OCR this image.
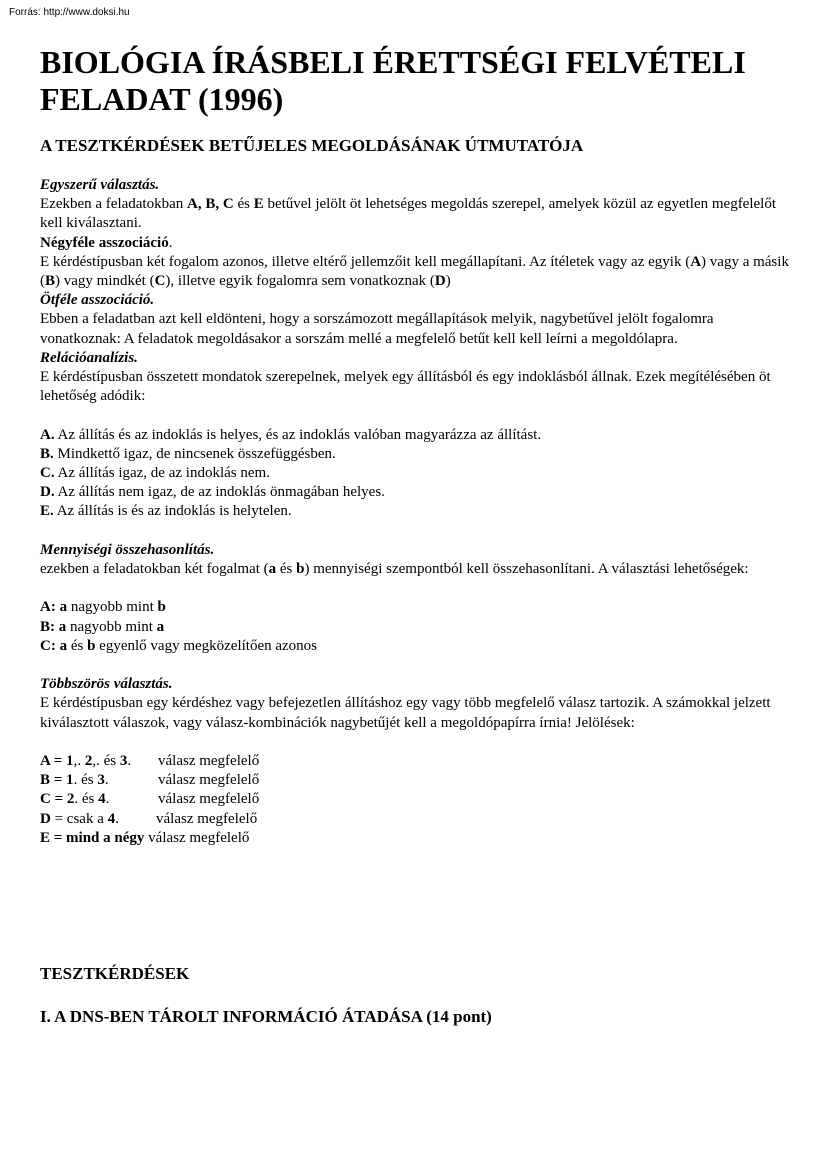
Forrás: http://www.doksi.hu
BIOLÓGIA ÍRÁSBELI ÉRETTSÉGI FELVÉTELI
FELADAT (1996)
A TESZTKÉRDÉSEK BETŰJELES MEGOLDÁSÁNAK ÚTMUTATÓJA
Egyszerű választás.
Ezekben a feladatokban A, B, C és E betűvel jelölt öt lehetséges megoldás szerepel, amelyek közül az egyetlen megfelelőt kell kiválasztani.
Négyféle asszociáció.
E kérdéstípusban két fogalom azonos, illetve eltérő jellemzőit kell megállapítani. Az ítéletek vagy az egyik (A) vagy a másik (B) vagy mindkét (C), illetve egyik fogalomra sem vonatkoznak (D)
Ötféle asszociáció.
Ebben a feladatban azt kell eldönteni, hogy a sorszámozott megállapítások melyik, nagybetűvel jelölt fogalomra vonatkoznak: A feladatok megoldásakor a sorszám mellé a megfelelő betűt kell kell leírni a megoldólapra.
Relációanalízis.
E kérdéstípusban összetett mondatok szerepelnek, melyek egy állításból és egy indoklásból állnak. Ezek megítélésében öt lehetőség adódik:
A. Az állítás és az indoklás is helyes, és az indoklás valóban magyarázza az állítást.
B. Mindkettő igaz, de nincsenek összefüggésben.
C. Az állítás igaz, de az indoklás nem.
D. Az állítás nem igaz, de az indoklás önmagában helyes.
E. Az állítás is és az indoklás is helytelen.
Mennyiségi összehasonlítás.
ezekben a feladatokban két fogalmat (a és b) mennyiségi szempontból kell összehasonlítani. A választási lehetőségek:
A: a nagyobb mint b
B: a nagyobb mint a
C: a és b egyenlő vagy megközelítően azonos
Többszörös választás.
E kérdéstípusban egy kérdéshez vagy befejezetlen állításhoz egy vagy több megfelelő válasz tartozik. A számokkal jelzett kiválasztott válaszok, vagy válasz-kombinációk nagybetűjét kell a megoldópapírra írnia! Jelölések:
A = 1,. 2,. és 3. válasz megfelelő
B = 1. és 3.	válasz megfelelő
C = 2. és 4.	válasz megfelelő
D = csak a 4. válasz megfelelő
E = mind a négy válasz megfelelő
TESZTKÉRDÉSEK
I. A DNS-BEN TÁROLT INFORMÁCIÓ ÁTADÁSA (14 pont)
